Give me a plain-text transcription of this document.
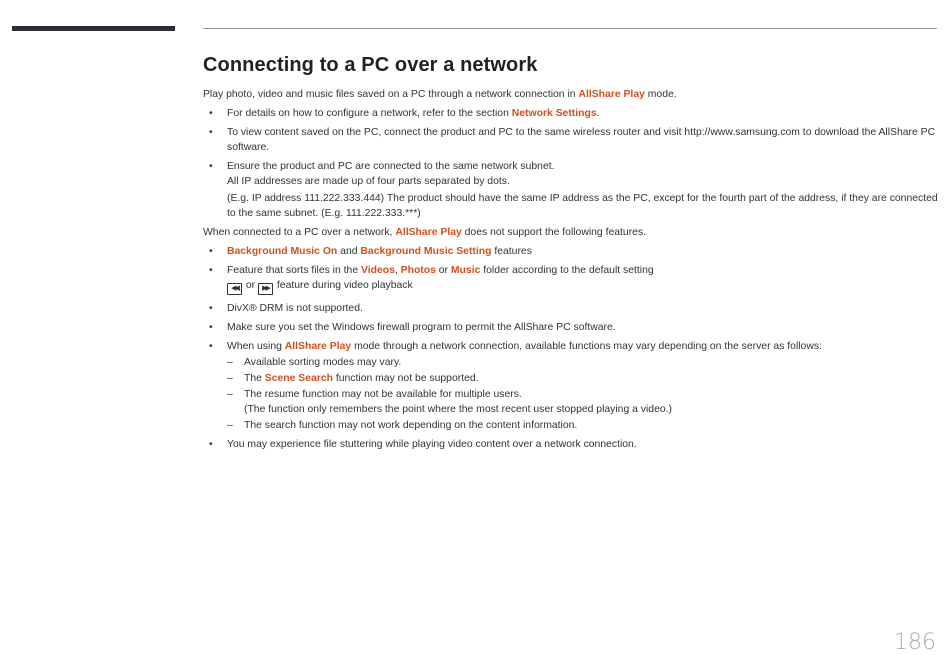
Connecting to a PC over a network

Play photo, video and music files saved on a PC through a network connection in AllShare Play mode.

• For details on how to configure a network, refer to the section Network Settings.
• To view content saved on the PC, connect the product and PC to the same wireless router and visit http://www.samsung.com to download the AllShare PC software.
• Ensure the product and PC are connected to the same network subnet.
All IP addresses are made up of four parts separated by dots.
(E.g. IP address 111.222.333.444) The product should have the same IP address as the PC, except for the fourth part of the address, if they are connected to the same subnet. (E.g. 111.222.333.***)

When connected to a PC over a network, AllShare Play does not support the following features.

• Background Music On and Background Music Setting features
• Feature that sorts files in the Videos, Photos or Music folder according to the default setting
◀◀ or ▶▶ feature during video playback
• DivX® DRM is not supported.
• Make sure you set the Windows firewall program to permit the AllShare PC software.
• When using AllShare Play mode through a network connection, available functions may vary depending on the server as follows:
– Available sorting modes may vary.
– The Scene Search function may not be supported.
– The resume function may not be available for multiple users.
(The function only remembers the point where the most recent user stopped playing a video.)
– The search function may not work depending on the content information.
• You may experience file stuttering while playing video content over a network connection.
186
